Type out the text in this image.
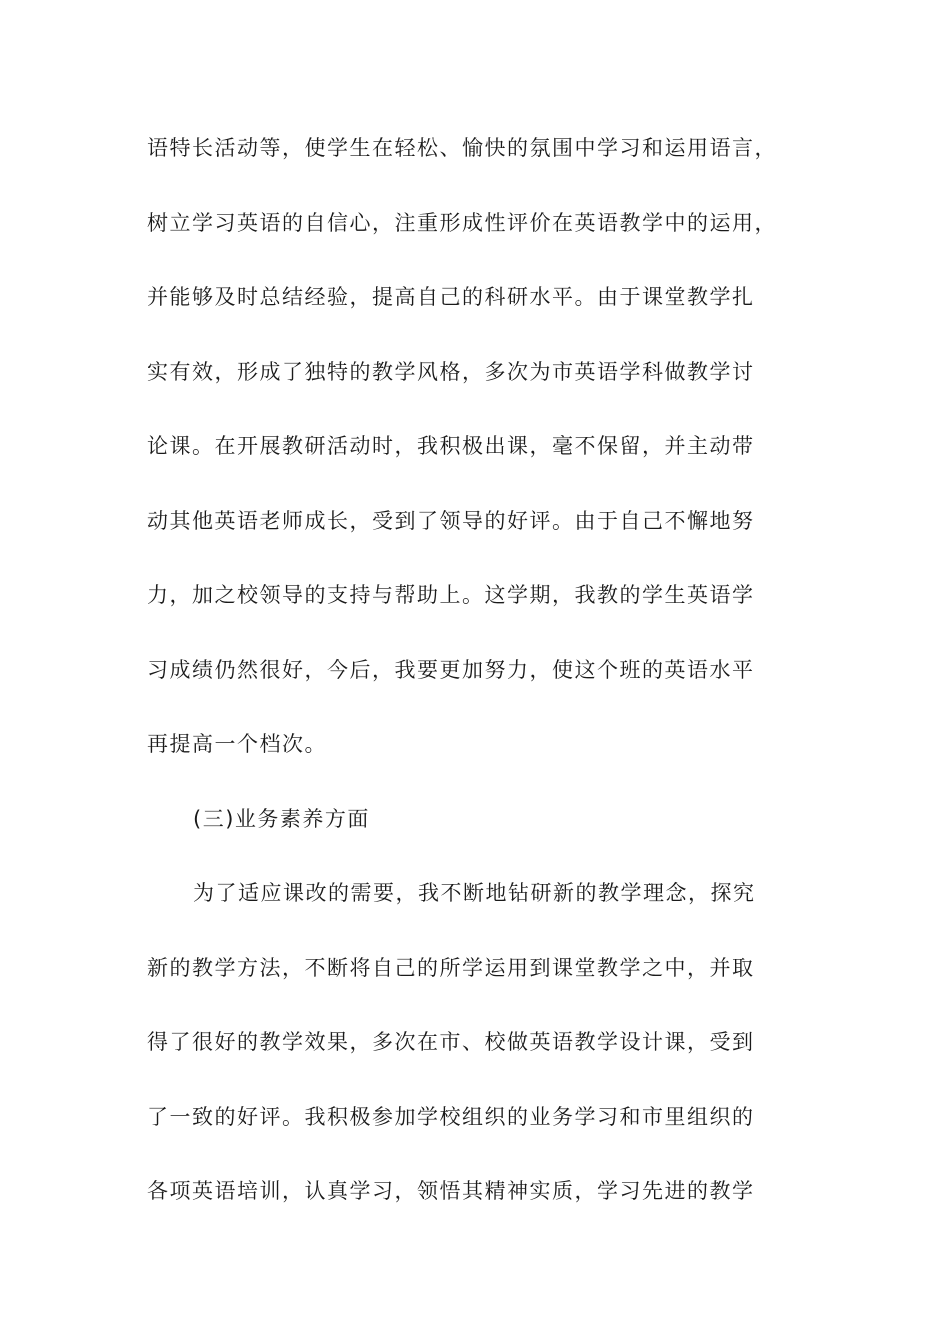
语特长活动等，使学生在轻松、愉快的氛围中学习和运用语言，
树立学习英语的自信心，注重形成性评价在英语教学中的运用，
并能够及时总结经验，提高自己的科研水平。由于课堂教学扎
实有效，形成了独特的教学风格，多次为市英语学科做教学讨
论课。在开展教研活动时，我积极出课，毫不保留，并主动带
动其他英语老师成长，受到了领导的好评。由于自己不懈地努
力，加之校领导的支持与帮助上。这学期，我教的学生英语学
习成绩仍然很好，今后，我要更加努力，使这个班的英语水平
再提高一个档次。
(三)业务素养方面
为了适应课改的需要，我不断地钻研新的教学理念，探究
新的教学方法，不断将自己的所学运用到课堂教学之中，并取
得了很好的教学效果，多次在市、校做英语教学设计课，受到
了一致的好评。我积极参加学校组织的业务学习和市里组织的
各项英语培训，认真学习，领悟其精神实质，学习先进的教学
